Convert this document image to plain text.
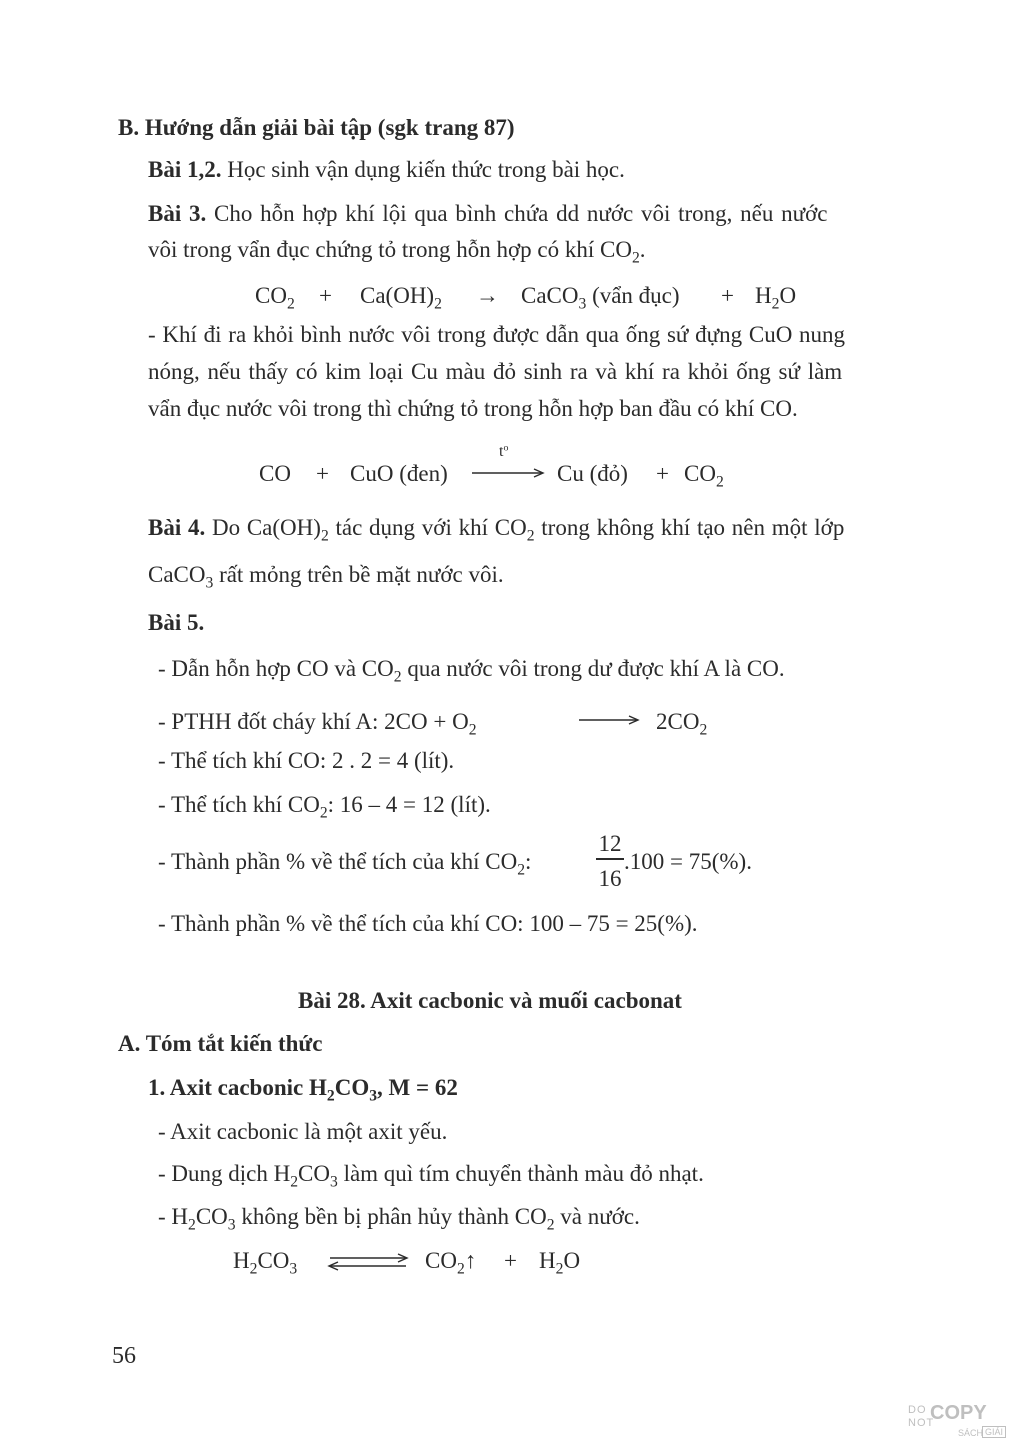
B. Hướng dẫn giải bài tập (sgk trang 87)
Bài 1,2. Học sinh vận dụng kiến thức trong bài học.
Bài 3. Cho hỗn hợp khí lội qua bình chứa dd nước vôi trong, nếu nước
vôi trong vẩn đục chứng tỏ trong hỗn hợp có khí $CO_2$.
$CO_2 + Ca(OH)_2$ → CaCO$_3$ (vẩn đục) + $H_2O$
- Khí đi ra khỏi bình nước vôi trong được dẫn qua ống sứ đựng CuO nung
nóng, nếu thấy có kim loại Cu màu đỏ sinh ra và khí ra khỏi ống sứ làm
vẩn đục nước vôi trong thì chứng tỏ trong hỗn hợp ban đầu có khí CO.
CO + CuO (đen)
$t^o$
Cu (đỏ) + $CO_2$
Bài 4. Do $Ca(OH)_2$ tác dụng với khí $CO_2$ trong không khí tạo nên một lớp
CaCO$_3$ rất mỏng trên bề mặt nước vôi.
Bài 5.
- Dẫn hỗn hợp CO và $CO_2$ qua nước vôi trong dư được khí A là CO.
- PTHH đốt cháy khí A: $2CO + O_2$	$2CO_2$
- Thể tích khí CO: 2 . 2 = 4 (lít).
- Thể tích khí $CO_2$: 16 – 4 = 12 (lít).
- Thành phần % về thể tích của khí $CO_2$:
12
16
.100 = 75(%).
- Thành phần % về thể tích của khí CO: 100 – 75 = 25(%).
Bài 28. Axit cacbonic và muối cacbonat
A. Tóm tắt kiến thức
1. Axit cacbonic $H_2CO_3$, M = 62
- Axit cacbonic là một axit yếu.
- Dung dịch $H_2CO_3$ làm quì tím chuyển thành màu đỏ nhạt.
- $H_2CO_3$ không bền bị phân hủy thành $CO_2$ và nước.
$H_2CO_3$	$CO_2↑ + H_2O$
56
DO
NOT
COPY
SÁCH GIẢI
